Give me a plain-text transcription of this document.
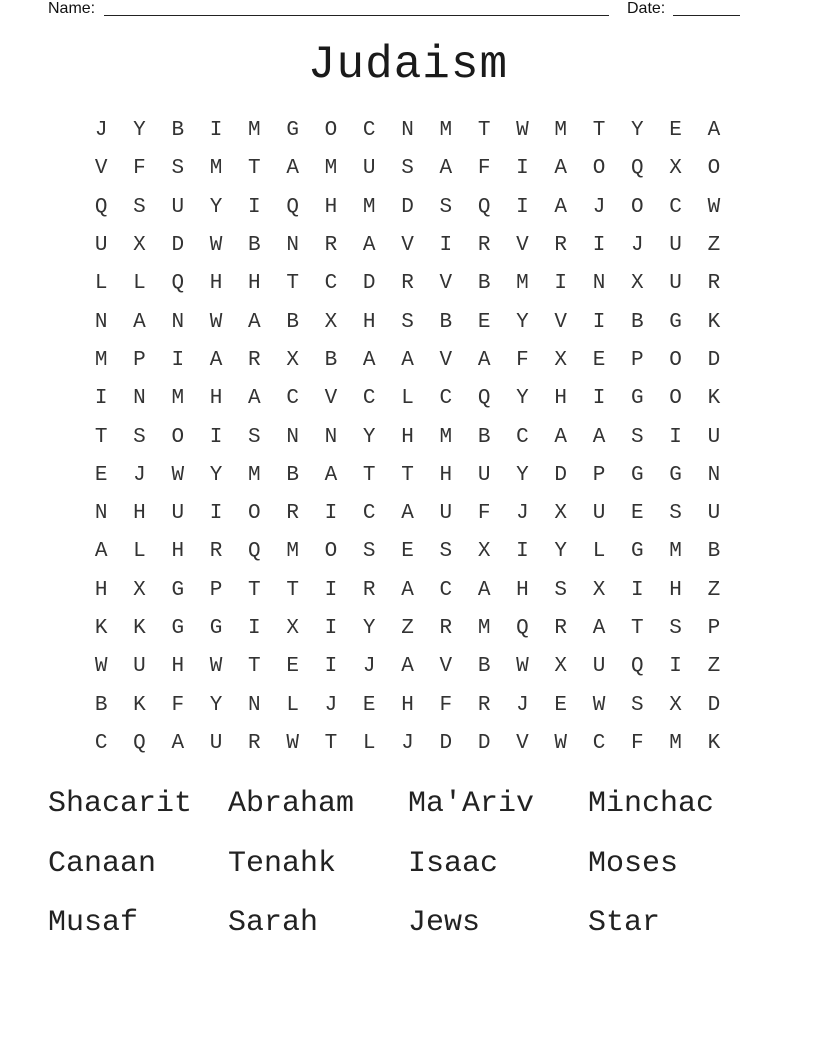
Name:	Date:
Judaism
J	Y	B	I	M	G	O	C	N	M	T	W	M	T	Y	E	A
V	F	S	M	T	A	M	U	S	A	F	I	A	O	Q	X	O
Q	S	U	Y	I	Q	H	M	D	S	Q	I	A	J	O	C	W
U	X	D	W	B	N	R	A	V	I	R	V	R	I	J	U	Z
L	L	Q	H	H	T	C	D	R	V	B	M	I	N	X	U	R
N	A	N	W	A	B	X	H	S	B	E	Y	V	I	B	G	K
M	P	I	A	R	X	B	A	A	V	A	F	X	E	P	O	D
I	N	M	H	A	C	V	C	L	C	Q	Y	H	I	G	O	K
T	S	O	I	S	N	N	Y	H	M	B	C	A	A	S	I	U
E	J	W	Y	M	B	A	T	T	H	U	Y	D	P	G	G	N
N	H	U	I	O	R	I	C	A	U	F	J	X	U	E	S	U
A	L	H	R	Q	M	O	S	E	S	X	I	Y	L	G	M	B
H	X	G	P	T	T	I	R	A	C	A	H	S	X	I	H	Z
K	K	G	G	I	X	I	Y	Z	R	M	Q	R	A	T	S	P
W	U	H	W	T	E	I	J	A	V	B	W	X	U	Q	I	Z
B	K	F	Y	N	L	J	E	H	F	R	J	E	W	S	X	D
C	Q	A	U	R	W	T	L	J	D	D	V	W	C	F	M	K
Shacarit	Abraham	Ma'Ariv	Minchac
Canaan	Tenahk	Isaac	Moses
Musaf	Sarah	Jews	Star
